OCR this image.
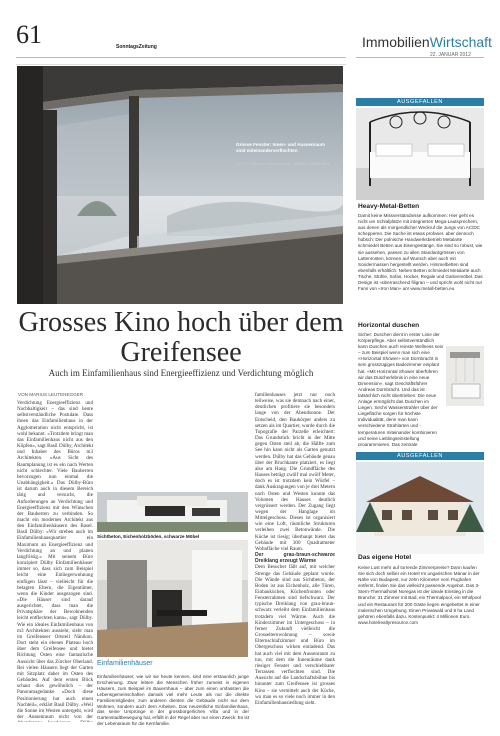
61	SonntagsZeitung	ImmobilienWirtschaft
22. JANUAR 2012
Grosse Fenster: Innen- und Aussenraum sind miteinanderverflochten
FOTOS: BRUNO HELBLING (3), DAMIAN SCHNEIDER
Grosses Kino hoch über dem Greifensee
Auch im Einfamilienhaus sind Energieeffizienz und Verdichtung möglich
VON MARIUS LEUTENEGGER
Verdichtung Energieeffizienz und Nachhaltigkeit – das sind heute selbstverständliche Postulate. Dass ihnen das Einfamilienhaus in der Agglomeration nicht entspricht, ist wohl bekannt. «Trotzdem bringt man das Einfamilienhaus nicht aus den Köpfen», sagt Basil Dülby, Architekt und Inhaber des Büros m3 Architekten. «Aus Sicht des Raumplanung ist es ein nach Werten nicht schlechter. Viele Bauherren bevorzugen nun einmal die Unabhängigkeit.» Das Dülby-Büro ist darum auch in diesem Bereich tätig und versucht, die Anforderungen an Verdichtung und Energieeffizienz mit den Wünschen der Bauherren zu verbinden. So macht ein modernes Architekt aus den Einfamilienhäusern des Basel. Basil Dülby: «Wir streben auch im Einfamilienhausquartier ein Maximum an Energieeffizienz und Verdichtung an und planen langfristig.» Mit seinem Büro konzipiert Dülby Einfamilienhäuser immer so, dass sich zum Beispiel leicht eine Einliegerwohnung einfügen lässt – vielleicht für die betagten Eltern, die Eigentümer, wenn die Kinder ausgezogen sind. «Die Häuser sind darauf ausgerichtet, dass man die Privatsphäre der Bewohnenden leicht entflechten kann», sagt Dülby. Wie ein ideales Einfamilienhaus von m3 Architekten aussieht, sieht man im Greifenseer Ortsteil Nänikon. Dort steht ein ebenes Plateau hoch über dem Greifensee und bietet Richtung Osten eine fantastische Aussicht über das Zürcher Oberland. Bei vielen Häusern liegt der Garten mit Sitzplatz daher im Osten des Gebäudes. Auf dem ersten Blick schaut dies gewöhnlich – der Panoramagedanke «Doch diese Positionierung hat auch einen Nachteil», erklärt Basil Dülby. «Weil die Sonne im Westen untergeht, wird der Aussenraum nicht von der
Sichtbeton, Eichenholzböden, schwarze Möbel
Einfamilienhäuser
Einfamilienhäuser, wie wir sie heute kennen, sind eine erstaunlich junge Erscheinung. Zwar lebten die Menschen früher zumeist in eigenen Häusern, zum Beispiel im Bauernhaus – aber zum einen umfassten die Lebensgemeinschaften damals viel mehr Leute als nur die direkte Familienmitglieder, zum anderen dienten die Gebäude nicht nur dem Wohnen, sondern auch dem Arbeiten. Das neuzeitliche Einfamilienhaus, das seine Ursprünge in der grossbürgerlichen Villa und in der Gartenstadtbewegung hat, erfüllt in der Regel aber nur einen Zweck: Es ist der Lebensraum für die Kernfamilie.
familienhauses jetzt nur noch teilweise, was sie demnach nach einer, deutlichen profitiere sie besonders lange von der Abendsonne. Der Entscheid, den Baukörper anders zu setzen als im Quartier, wurde durch die Topografie der Parzelle erleichtert: Das Grundstück bricht in der Mitte gegen Osten steil ab, die Hälfte zum See hin kann nicht als Garten genutzt werden. Dülby hat das Gebäude genau über der Bruchkante platziert, es liegt also am Hang. Die Grundfläche des Hauses beträgt zwölf mal zwölf Meter, doch es ist trotzdem kein Würfel – dank Auskragungen von je drei Metern nach Osten und Westen konnte das Volumen des Hauses deutlich vergrössert werden. Der Zugang liegt wegen der Hanglage im Mittelgeschoss. Dieses ist organisiert wie eine Loft, räumliche Strukturen verleihen zwei Betonwände. Die Küche ist riesig; überhaupt bietet das Gebäude mit 300 Quadratmeter Wohnfläche viel Raum.
Der grau-braun-schwarze Dreiklang erzeugt Wärme
Dem Besucher fällt auf, mit welcher Strenge das Gebäude geplant wurde. Die Wände sind aus Sichtbeton, der Boden ist aus Eichenholz, alle Türen, Einbauküchen, Küchenfronten oder Fensterrahmen sind tiefschwarz. Der typische Dreiklang von grau-braun-schwarz verleiht dem Einfamilienhaus trotzdem viel Wärme. Auch die Kinderzimmer im Untergeschoss – in ferner Zukunft vielleicht die Grosselternwohnung – sowie Elternschlafzimmer und Büro im Obergeschoss wirken einladend. Das hat auch viel mit dem Aussenraum zu tun, mit dem die Innenräume dank riesiger Fenster und verschiebbarer Terrassen verflochten sind. Die Aussicht auf die Landschaftsbühne bis hinunter zum Greifensee ist grosses Kino – sie vermittelt auch der Küche, wo man es so viele noch immer in den Einfamilienhausiedlung sieht.
AUSGEFALLEN
Heavy-Metal-Betten
Damit keine Missverständnisse aufkommen: Hier geht es nicht um Schlafplätze mit integrierten Mega-Lautsprechern, aus denen als morgendlicher Weckruf die Jungs von AC/DC schepperen. Die Sache ist etwas profaner, aber dennoch hübsch: Der polnische Handwerksbetrieb Metalarte schmiedet Betten aus Eisengestänge. Sie sind so robust, wie sie aussehen, passen zu allen Standardgrössen von Lattenrosten, können auf Wunsch aber auch mit Sondermassen hergestellt werden. Himmelbetten sind ebenfalls erhältlich. Neben Betten schmiedet Metalarte auch Tische, Stühle, Sofas, Hocker, Regale und Gartenmöbel. Das Design ist «überraschend filigran – und spricht wohl nicht nur Fans von «Iron Man» an! www.metall-betten.eu
Horizontal duschen

Sicher: Duschen dient in erster Linie der Körperpflege. Aber selbstverständlich kann Duschen auch reinste Wellness sein – zum Beispiel wenn man sich eine «Horizontal Shower» von Dornbracht in sein grosszügiges Badezimmer einplant hat. «Mit Horizontal Shower überführen wir das Duscherlebnis in eine neue Dimension», sagt Geschäftsführer Andreas Dornbracht. Und das ist tatsächlich nicht übertrieben: Die neue Anlage ermöglicht das Duschen im Liegen. Sechs Wasserstrahler über der Liegefläche sorgen für höchste Individualität, denn man kann verschiedene Strahlarten und -temperaturen miteinander kombinieren und seine Lieblingseinstellung programmieren. Das zentrale

AUSGEFALLEN
Das eigene Hotel
Keine Lust mehr auf torrende Zimmerpreise? Dann kaufen Sie sich doch selber ein Hotel! Im ungarischen Mánar in der Nähe von Budapest, nur zehn Kilometer vom Flughafen entfernt, finden Sie das vielleicht passende Angebot. Das 3-Stern-Thermalhotel Noregas ist der ideale Einstieg in die Branche: 31 Zimmer mit Bad, ein Thermalpool, ein Whirlpool und ein Restaurant für 200 Gäste liegen eingebettet in einer malerischen Umgebung. Einen Privatwald und 8 ha Land gehören ebenfalls dazu. Kostenpunkt: 4 Millionen Euro. www.hotelrealtyresource.com
